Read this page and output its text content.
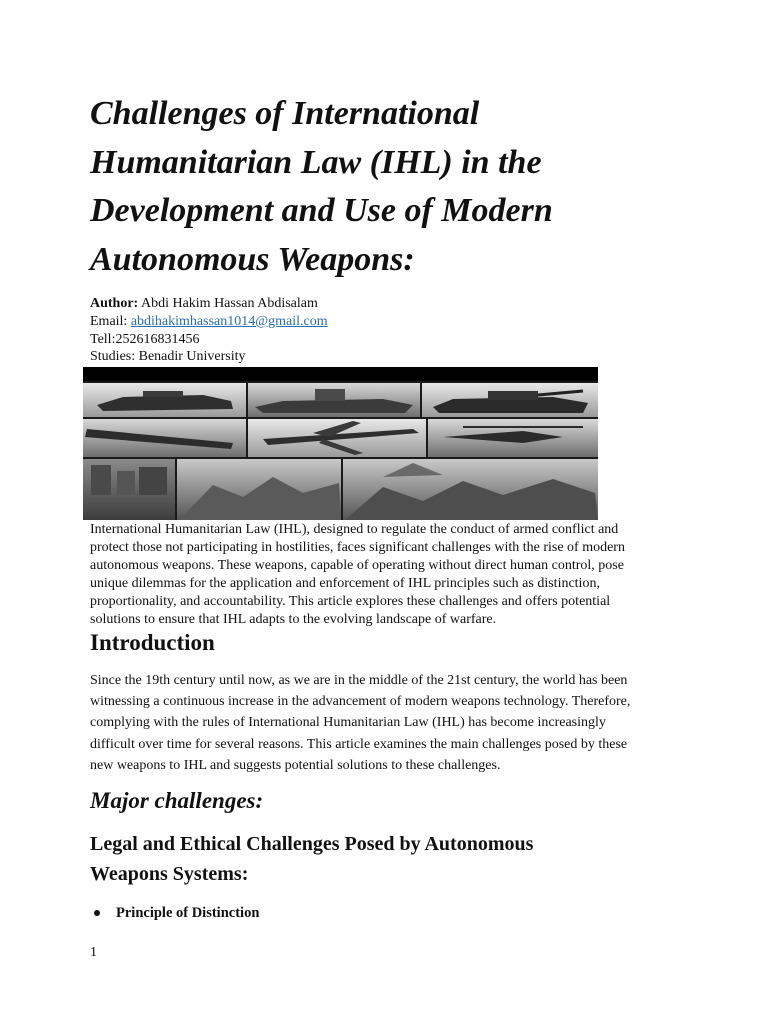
Challenges of International
Humanitarian Law (IHL) in the
Development and Use of Modern
Autonomous Weapons:
Author: Abdi Hakim Hassan Abdisalam
Email: abdihakimhassan1014@gmail.com
Tell:252616831456
Studies: Benadir University

International Humanitarian Law (IHL), designed to regulate the conduct of armed conflict and
protect those not participating in hostilities, faces significant challenges with the rise of modern
autonomous weapons. These weapons, capable of operating without direct human control, pose
unique dilemmas for the application and enforcement of IHL principles such as distinction,
proportionality, and accountability. This article explores these challenges and offers potential
solutions to ensure that IHL adapts to the evolving landscape of warfare.

Introduction

Since the 19th century until now, as we are in the middle of the 21st century, the world has been
witnessing a continuous increase in the advancement of modern weapons technology. Therefore,
complying with the rules of International Humanitarian Law (IHL) has become increasingly
difficult over time for several reasons. This article examines the main challenges posed by these
new weapons to IHL and suggests potential solutions to these challenges.

Major challenges:
Legal and Ethical Challenges Posed by Autonomous
Weapons Systems:
Principle of Distinction
1
